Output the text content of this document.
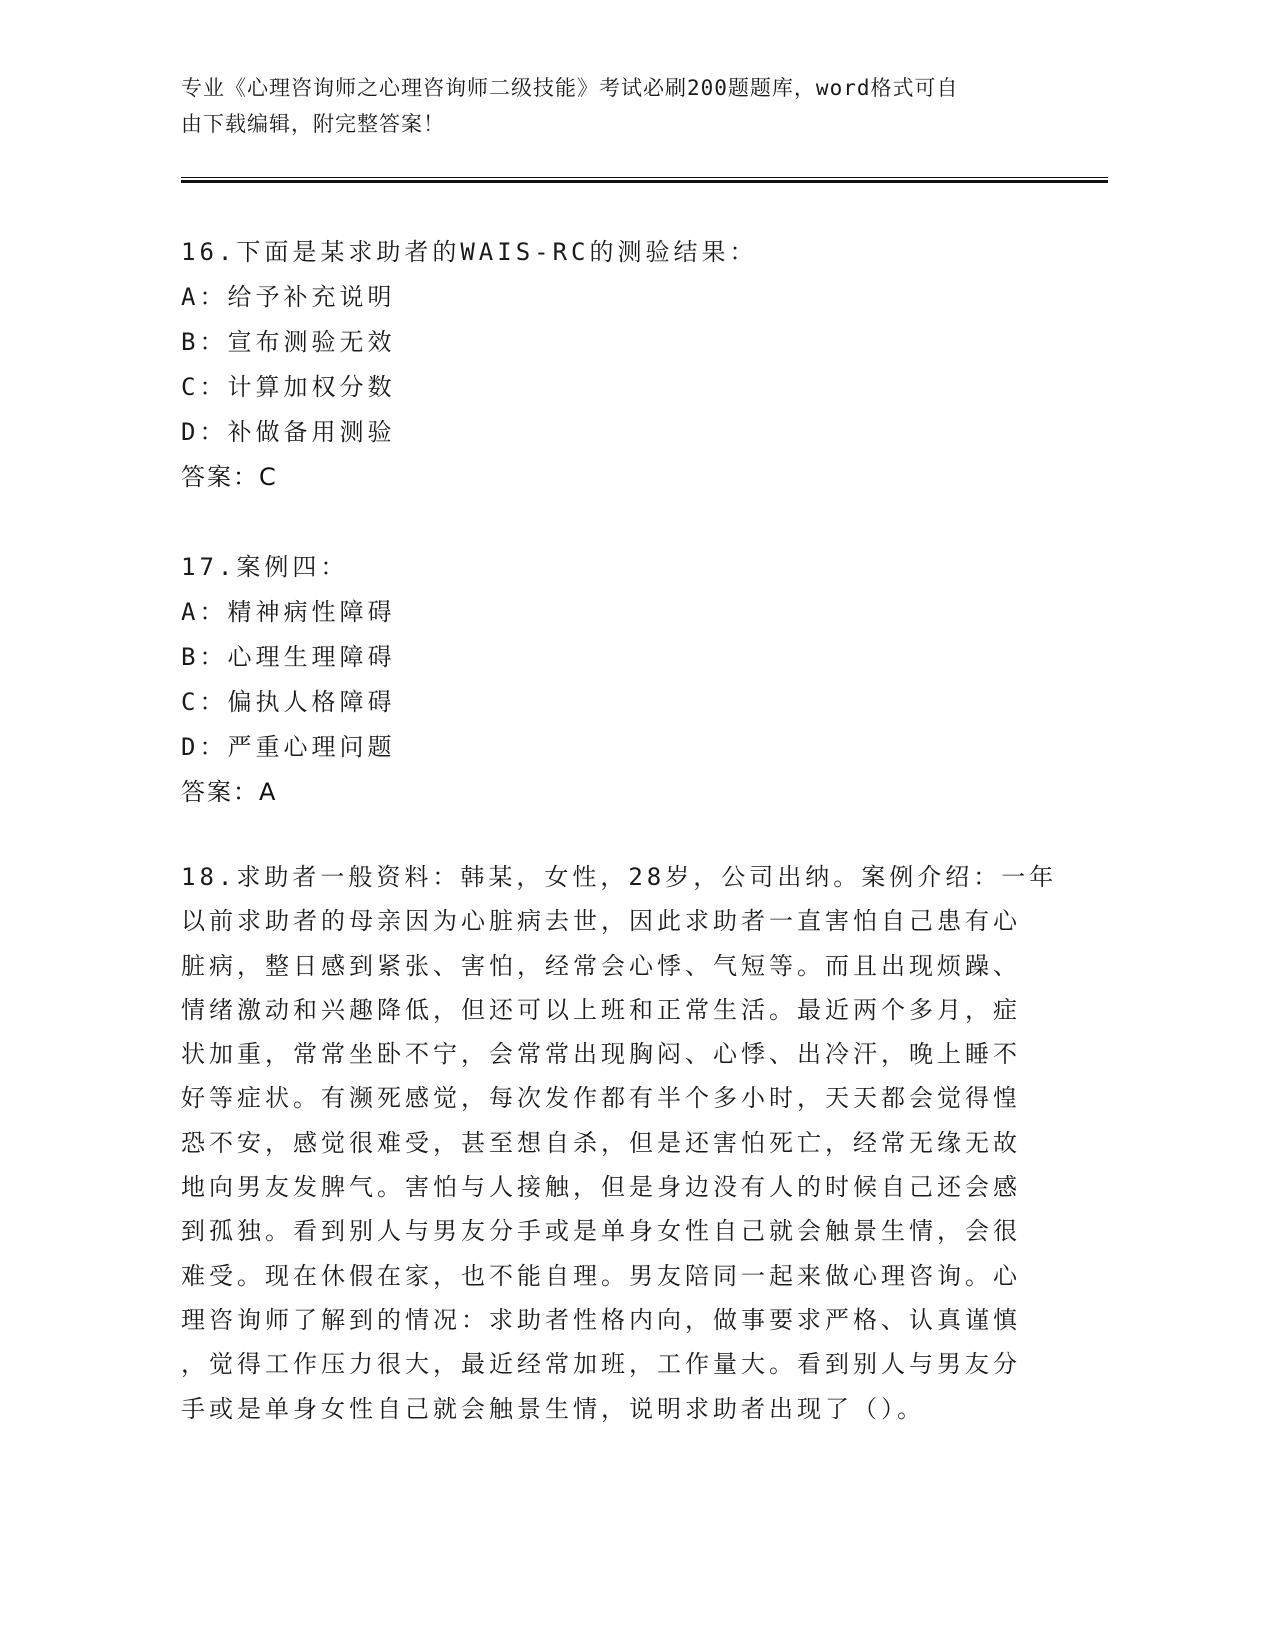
专业《心理咨询师之心理咨询师二级技能》考试必刷200题题库，word格式可自
由下载编辑，附完整答案！
16.下面是某求助者的WAIS-RC的测验结果：
A：给予补充说明
B：宣布测验无效
C：计算加权分数
D：补做备用测验
答案：C
17.案例四：
A：精神病性障碍
B：心理生理障碍
C：偏执人格障碍
D：严重心理问题
答案：A
18.求助者一般资料：韩某，女性，28岁，公司出纳。案例介绍：一年
以前求助者的母亲因为心脏病去世，因此求助者一直害怕自己患有心
脏病，整日感到紧张、害怕，经常会心悸、气短等。而且出现烦躁、
情绪激动和兴趣降低，但还可以上班和正常生活。最近两个多月，症
状加重，常常坐卧不宁，会常常出现胸闷、心悸、出冷汗，晚上睡不
好等症状。有濒死感觉，每次发作都有半个多小时，天天都会觉得惶
恐不安，感觉很难受，甚至想自杀，但是还害怕死亡，经常无缘无故
地向男友发脾气。害怕与人接触，但是身边没有人的时候自己还会感
到孤独。看到别人与男友分手或是单身女性自己就会触景生情，会很
难受。现在休假在家，也不能自理。男友陪同一起来做心理咨询。心
理咨询师了解到的情况：求助者性格内向，做事要求严格、认真谨慎
，觉得工作压力很大，最近经常加班，工作量大。看到别人与男友分
手或是单身女性自己就会触景生情，说明求助者出现了（）。
